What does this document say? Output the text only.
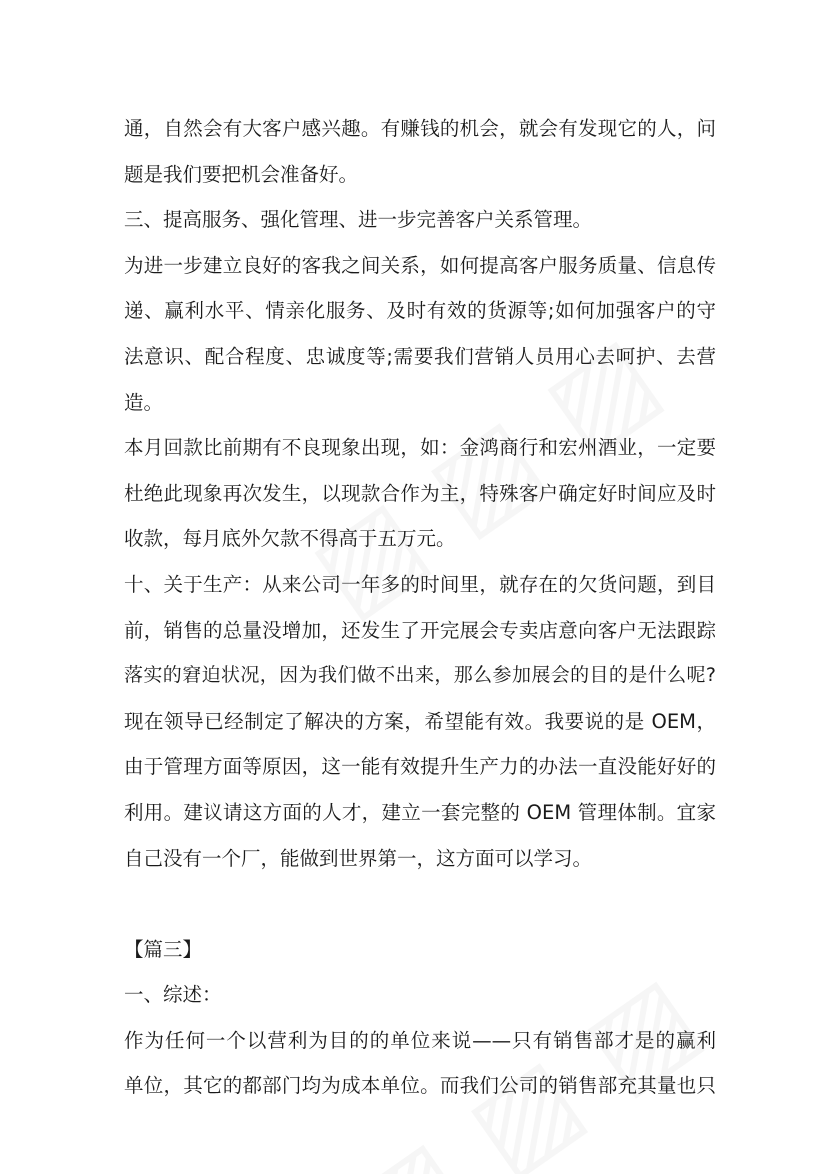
通，自然会有大客户感兴趣。有赚钱的机会，就会有发现它的人，问
题是我们要把机会准备好。
三、提高服务、强化管理、进一步完善客户关系管理。
为进一步建立良好的客我之间关系，如何提高客户服务质量、信息传
递、赢利水平、情亲化服务、及时有效的货源等;如何加强客户的守
法意识、配合程度、忠诚度等;需要我们营销人员用心去呵护、去营
造。
本月回款比前期有不良现象出现，如：金鸿商行和宏州酒业，一定要
杜绝此现象再次发生，以现款合作为主，特殊客户确定好时间应及时
收款，每月底外欠款不得高于五万元。
十、关于生产：从来公司一年多的时间里，就存在的欠货问题，到目
前，销售的总量没增加，还发生了开完展会专卖店意向客户无法跟踪
落实的窘迫状况，因为我们做不出来，那么参加展会的目的是什么呢?
现在领导已经制定了解决的方案，希望能有效。我要说的是 OEM，
由于管理方面等原因，这一能有效提升生产力的办法一直没能好好的
利用。建议请这方面的人才，建立一套完整的 OEM 管理体制。宜家
自己没有一个厂，能做到世界第一，这方面可以学习。
【篇三】
一、综述：
作为任何一个以营利为目的的单位来说——只有销售部才是的赢利
单位，其它的都部门均为成本单位。而我们公司的销售部充其量也只
